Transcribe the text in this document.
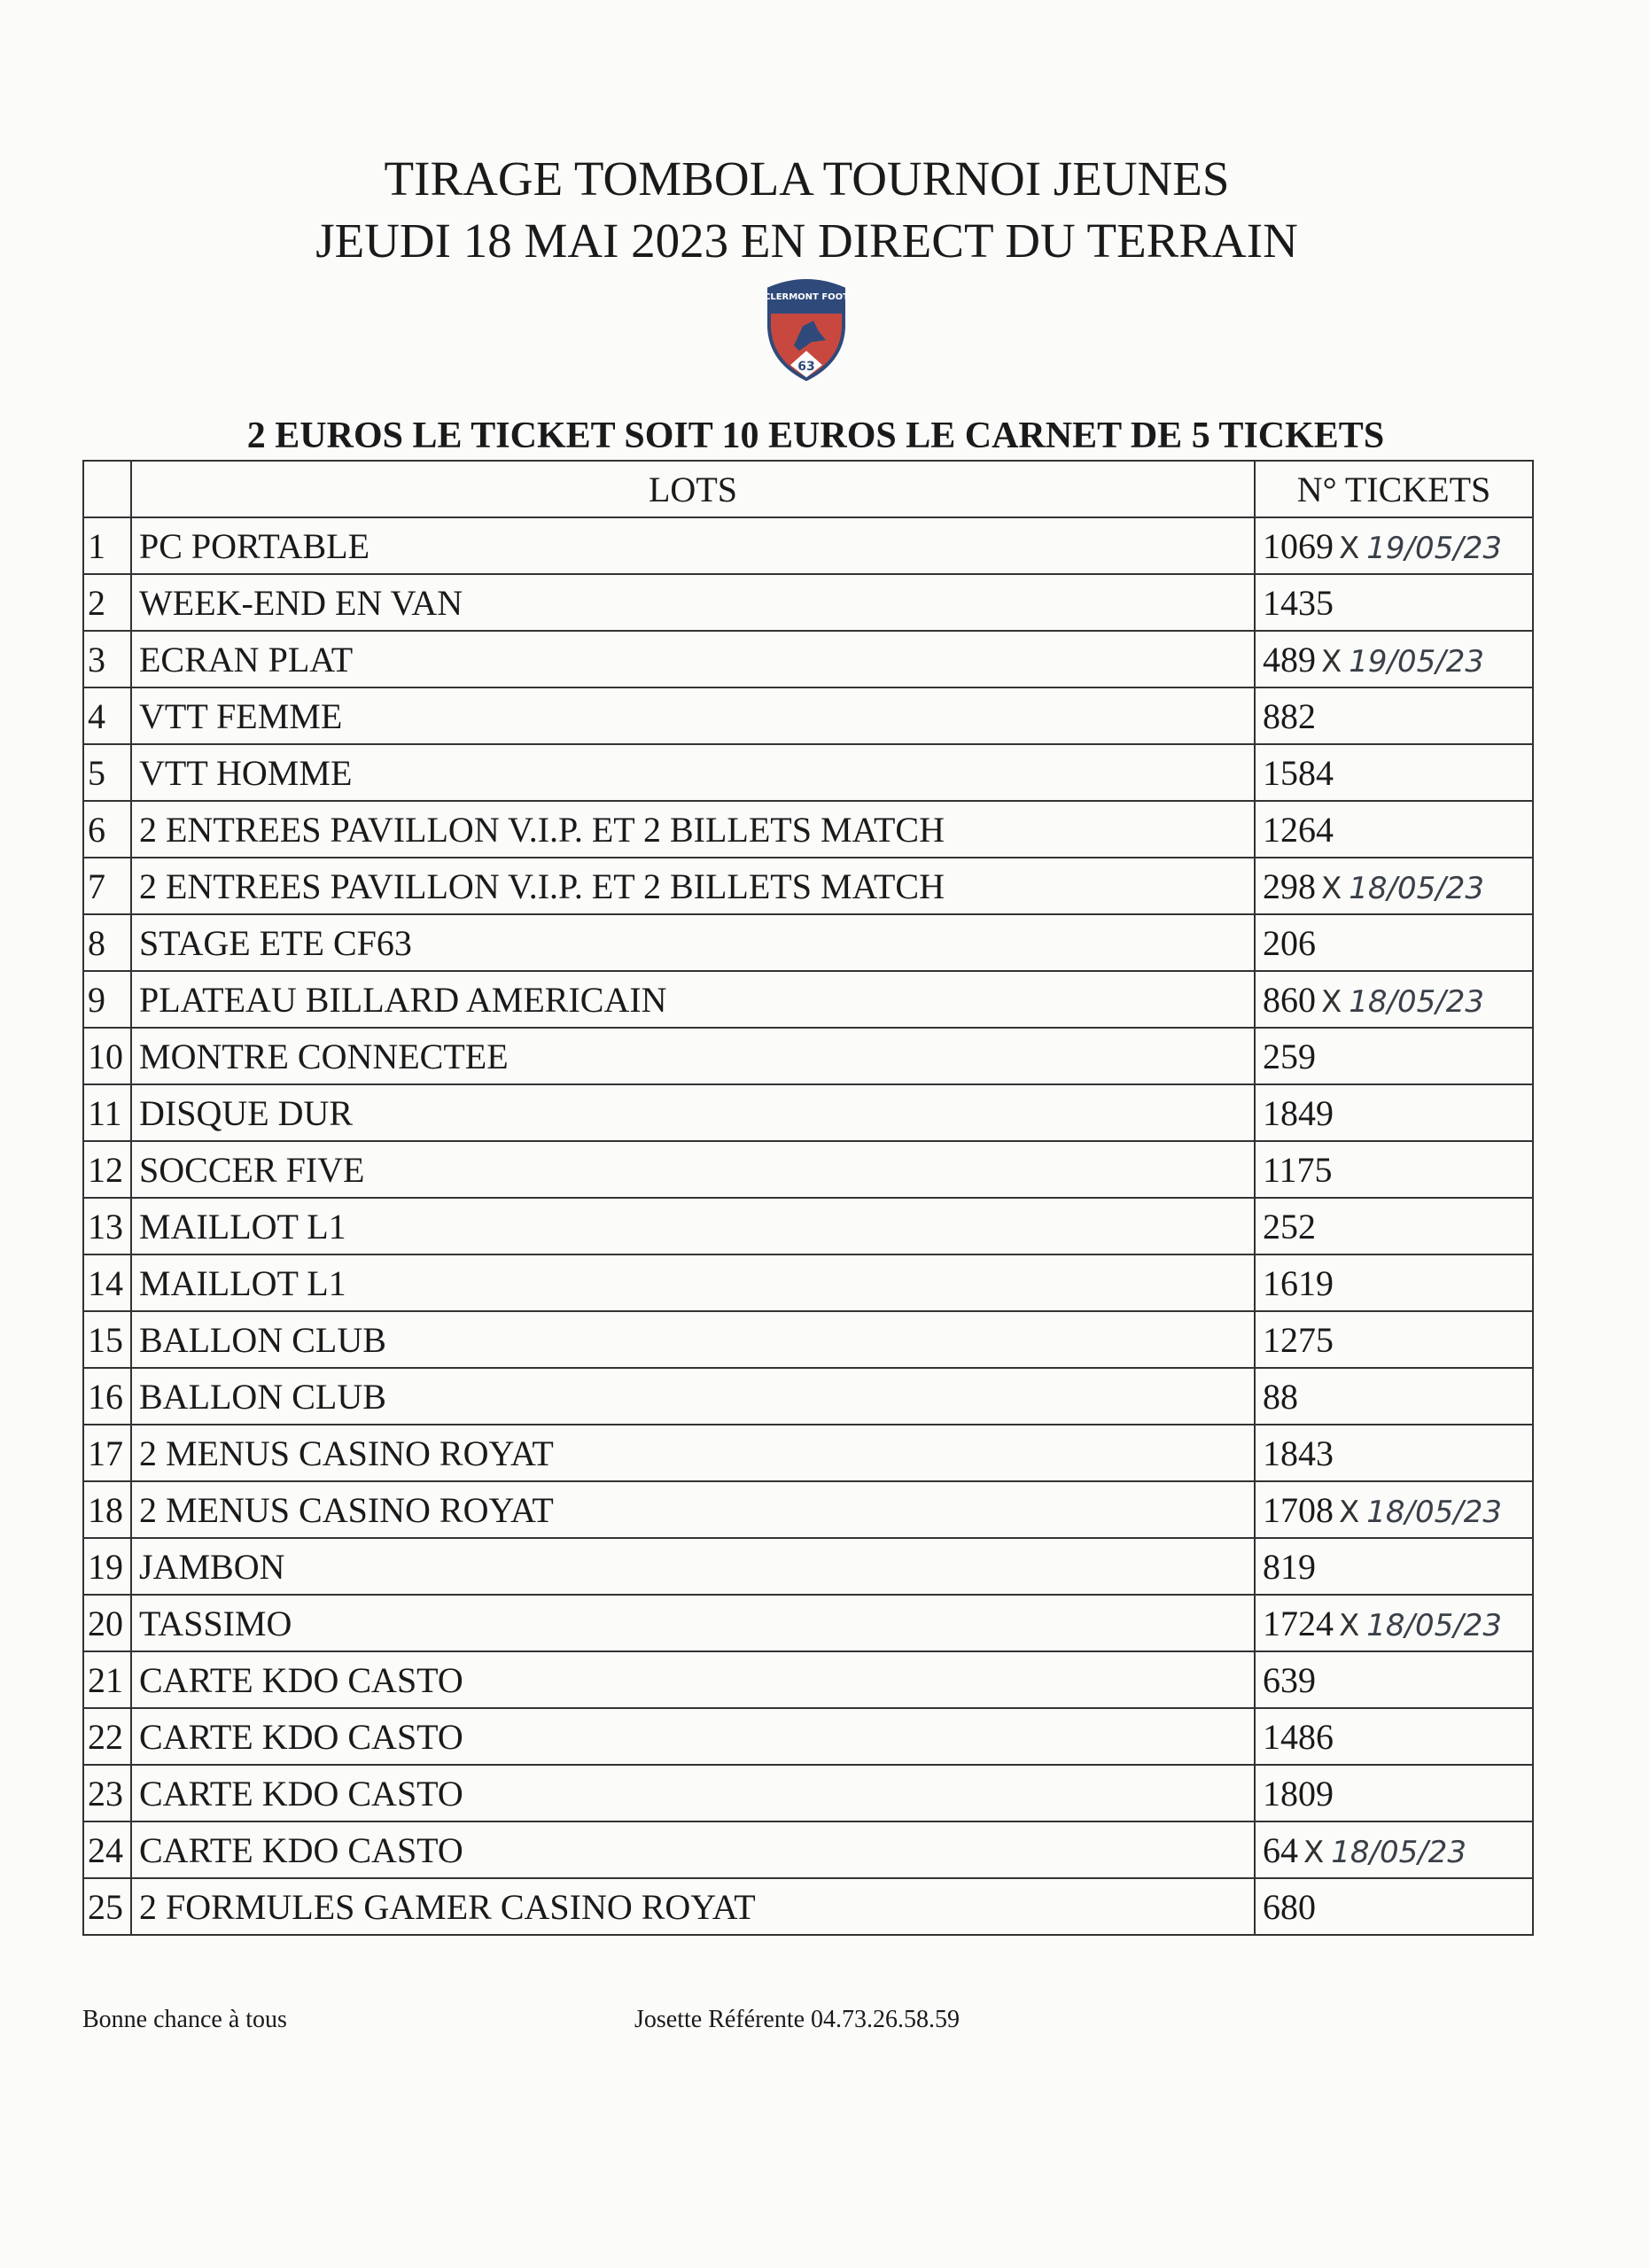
TIRAGE TOMBOLA TOURNOI JEUNES
JEUDI 18 MAI 2023 EN DIRECT DU TERRAIN
CLERMONT FOOT
63
2 EUROS LE TICKET SOIT 10 EUROS LE CARNET DE 5 TICKETS
	LOTS	N° TICKETS
1	PC PORTABLE	1069 X 19/05/23
2	WEEK-END EN VAN	1435
3	ECRAN PLAT	489 X 19/05/23
4	VTT FEMME	882
5	VTT HOMME	1584
6	2 ENTREES PAVILLON V.I.P. ET 2 BILLETS MATCH	1264
7	2 ENTREES PAVILLON V.I.P. ET 2 BILLETS MATCH	298 X 18/05/23
8	STAGE ETE CF63	206
9	PLATEAU BILLARD AMERICAIN	860 X 18/05/23
10	MONTRE CONNECTEE	259
11	DISQUE DUR	1849
12	SOCCER FIVE	1175
13	MAILLOT L1	252
14	MAILLOT L1	1619
15	BALLON CLUB	1275
16	BALLON CLUB	88
17	2 MENUS CASINO ROYAT	1843
18	2 MENUS CASINO ROYAT	1708 X 18/05/23
19	JAMBON	819
20	TASSIMO	1724 X 18/05/23
21	CARTE KDO CASTO	639
22	CARTE KDO CASTO	1486
23	CARTE KDO CASTO	1809
24	CARTE KDO CASTO	64 X 18/05/23
25	2 FORMULES GAMER CASINO ROYAT	680
Bonne chance à tous	Josette Référente 04.73.26.58.59
